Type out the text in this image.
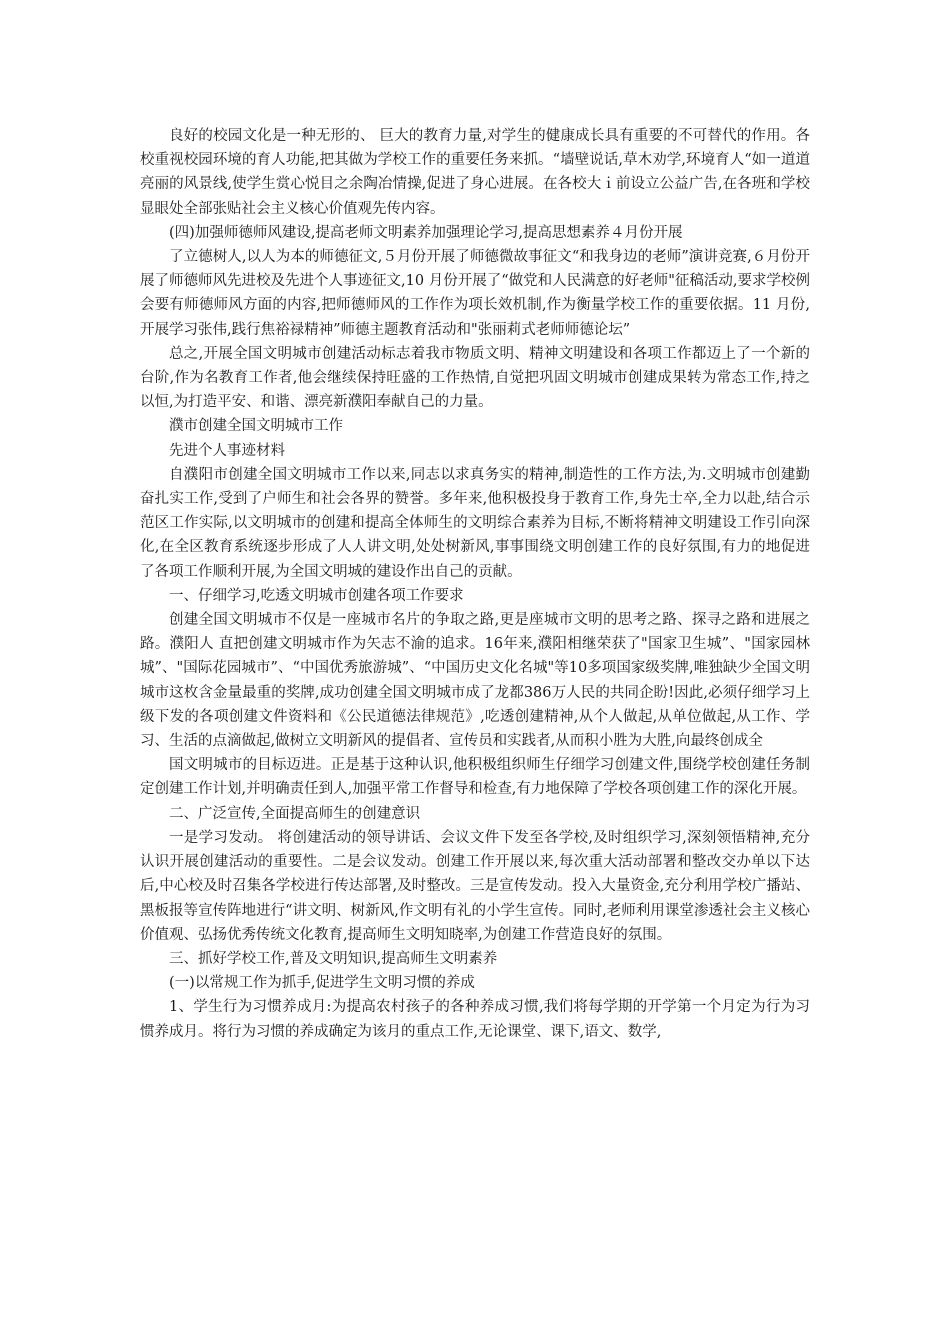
良好的校园文化是一种无形的、 巨大的教育力量,对学生的健康成长具有重要的不可替代的作用。各校重视校园环境的育人功能,把其做为学校工作的重要任务来抓。“墙壁说话,草木劝学,环境育人“如一道道亮丽的风景线,使学生赏心悦目之余陶冶情操,促进了身心进展。在各校大ｉ前设立公益广告,在各班和学校显眼处全部张贴社会主义核心价值观先传内容。

(四)加强师德师风建设,提高老师文明素养加强理论学习,提高思想素养４月份开展

了立德树人,以人为本的师德征文,５月份开展了师德微故事征文“和我身边的老师”演讲竞赛,６月份开展了师德师风先进校及先进个人事迹征文,10 月份开展了“做党和人民满意的好老师"征稿活动,要求学校例会要有师德师风方面的内容,把师德师风的工作作为项长效机制,作为衡量学校工作的重要依据。11 月份,开展学习张伟,践行焦裕禄精神”师德主题教育活动和"张丽莉式老师师德论坛”

总之,开展全国文明城市创建活动标志着我市物质文明、精神文明建设和各项工作都迈上了一个新的台阶,作为名教育工作者,他会继续保持旺盛的工作热情,自觉把巩固文明城市创建成果转为常态工作,持之以恒,为打造平安、和谐、漂亮新濮阳奉献自己的力量。

濮市创建全国文明城市工作

先进个人事迹材料

自濮阳市创建全国文明城市工作以来,同志以求真务实的精神,制造性的工作方法,为.文明城市创建勤奋扎实工作,受到了户师生和社会各界的赞誉。多年来,他积极投身于教育工作,身先士卒,全力以赴,结合示范区工作实际,以文明城市的创建和提高全体师生的文明综合素养为目标,不断将精神文明建设工作引向深化,在全区教育系统逐步形成了人人讲文明,处处树新风,事事围绕文明创建工作的良好氛围,有力的地促进了各项工作顺利开展,为全国文明城的建设作出自己的贡献。

一、仔细学习,吃透文明城市创建各项工作要求

创建全国文明城市不仅是一座城市名片的争取之路,更是座城市文明的思考之路、探寻之路和进展之路。濮阳人 直把创建文明城市作为矢志不渝的追求。16年来,濮阳相继荣获了"国家卫生城”、"国家园林城”、"国际花园城市”、“中国优秀旅游城”、“中国历史文化名城"等10多项国家级奖牌,唯独缺少全国文明城市这枚含金量最重的奖牌,成功创建全国文明城市成了龙都386万人民的共同企盼!因此,必须仔细学习上级下发的各项创建文件资料和《公民道德法律规范》,吃透创建精神,从个人做起,从单位做起,从工作、学习、生活的点滴做起,做树立文明新风的提倡者、宣传员和实践者,从而积小胜为大胜,向最终创成全

国文明城市的目标迈进。正是基于这种认识,他积极组织师生仔细学习创建文件,围绕学校创建任务制定创建工作计划,并明确责任到人,加强平常工作督导和检查,有力地保障了学校各项创建工作的深化开展。

二、广泛宣传,全面提高师生的创建意识

一是学习发动。 将创建活动的领导讲话、会议文件下发至各学校,及时组织学习,深刻领悟精神,充分认识开展创建活动的重要性。二是会议发动。创建工作开展以来,每次重大活动部署和整改交办单以下达后,中心校及时召集各学校进行传达部署,及时整改。三是宣传发动。投入大量资金,充分利用学校广播站、黑板报等宣传阵地进行“讲文明、树新风,作文明有礼的小学生宣传。同时,老师利用课堂渗透社会主义核心价值观、弘扬优秀传统文化教育,提高师生文明知晓率,为创建工作营造良好的氛围。

三、抓好学校工作,普及文明知识,提高师生文明素养

(一)以常规工作为抓手,促进学生文明习惯的养成

1、学生行为习惯养成月:为提高农村孩子的各种养成习惯,我们将每学期的开学第一个月定为行为习惯养成月。将行为习惯的养成确定为该月的重点工作,无论课堂、课下,语文、数学,
